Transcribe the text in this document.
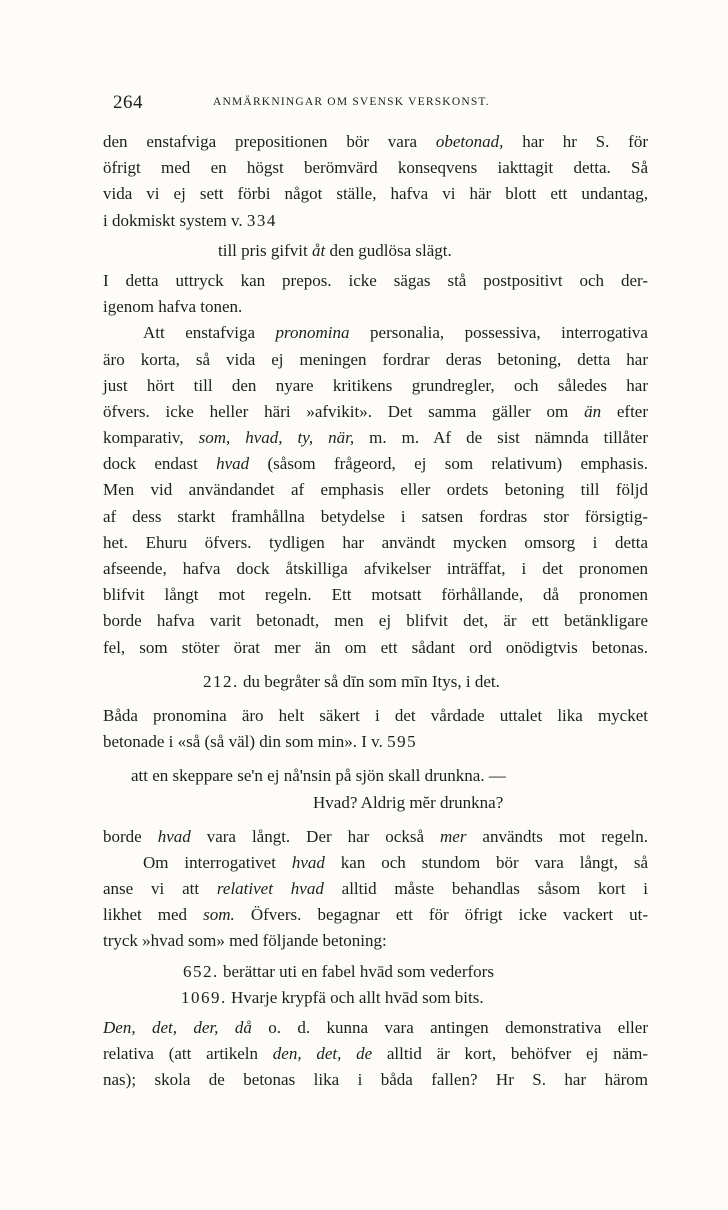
264	ANMÄRKNINGAR OM SVENSK VERSKONST.
den enstafviga prepositionen bör vara obetonad, har hr S. för
öfrigt med en högst berömvärd konseqvens iakttagit detta. Så
vida vi ej sett förbi något ställe, hafva vi här blott ett undantag,
i dokmiskt system v. 334
till pris gifvit åt den gudlösa slägt.
I detta uttryck kan prepos. icke sägas stå postpositivt och der-
igenom hafva tonen.
Att enstafviga pronomina personalia, possessiva, interrogativa
äro korta, så vida ej meningen fordrar deras betoning, detta har
just hört till den nyare kritikens grundregler, och således har
öfvers. icke heller häri »afvikit». Det samma gäller om än efter
komparativ, som, hvad, ty, när, m. m. Af de sist nämnda tillåter
dock endast hvad (såsom frågeord, ej som relativum) emphasis.
Men vid användandet af emphasis eller ordets betoning till följd
af dess starkt framhållna betydelse i satsen fordras stor försigtig-
het. Ehuru öfvers. tydligen har användt mycken omsorg i detta
afseende, hafva dock åtskilliga afvikelser inträffat, i det pronomen
blifvit långt mot regeln. Ett motsatt förhållande, då pronomen
borde hafva varit betonadt, men ej blifvit det, är ett betänkligare
fel, som stöter örat mer än om ett sådant ord onödigtvis betonas.
212. du begråter så dīn som mīn Itys, i det.
Båda pronomina äro helt säkert i det vårdade uttalet lika mycket
betonade i «så (så väl) din som min». I v. 595
att en skeppare se'n ej nå'nsin på sjön skall drunkna. —
Hvad? Aldrig mĕr drunkna?
borde hvad vara långt. Der har också mer användts mot regeln.
Om interrogativet hvad kan och stundom bör vara långt, så
anse vi att relativet hvad alltid måste behandlas såsom kort i
likhet med som. Öfvers. begagnar ett för öfrigt icke vackert ut-
tryck »hvad som» med följande betoning:
652. berättar uti en fabel hvād som vederfors
1069. Hvarje krypfä och allt hvād som bits.
Den, det, der, då o. d. kunna vara antingen demonstrativa eller
relativa (att artikeln den, det, de alltid är kort, behöfver ej näm-
nas); skola de betonas lika i båda fallen? Hr S. har härom
